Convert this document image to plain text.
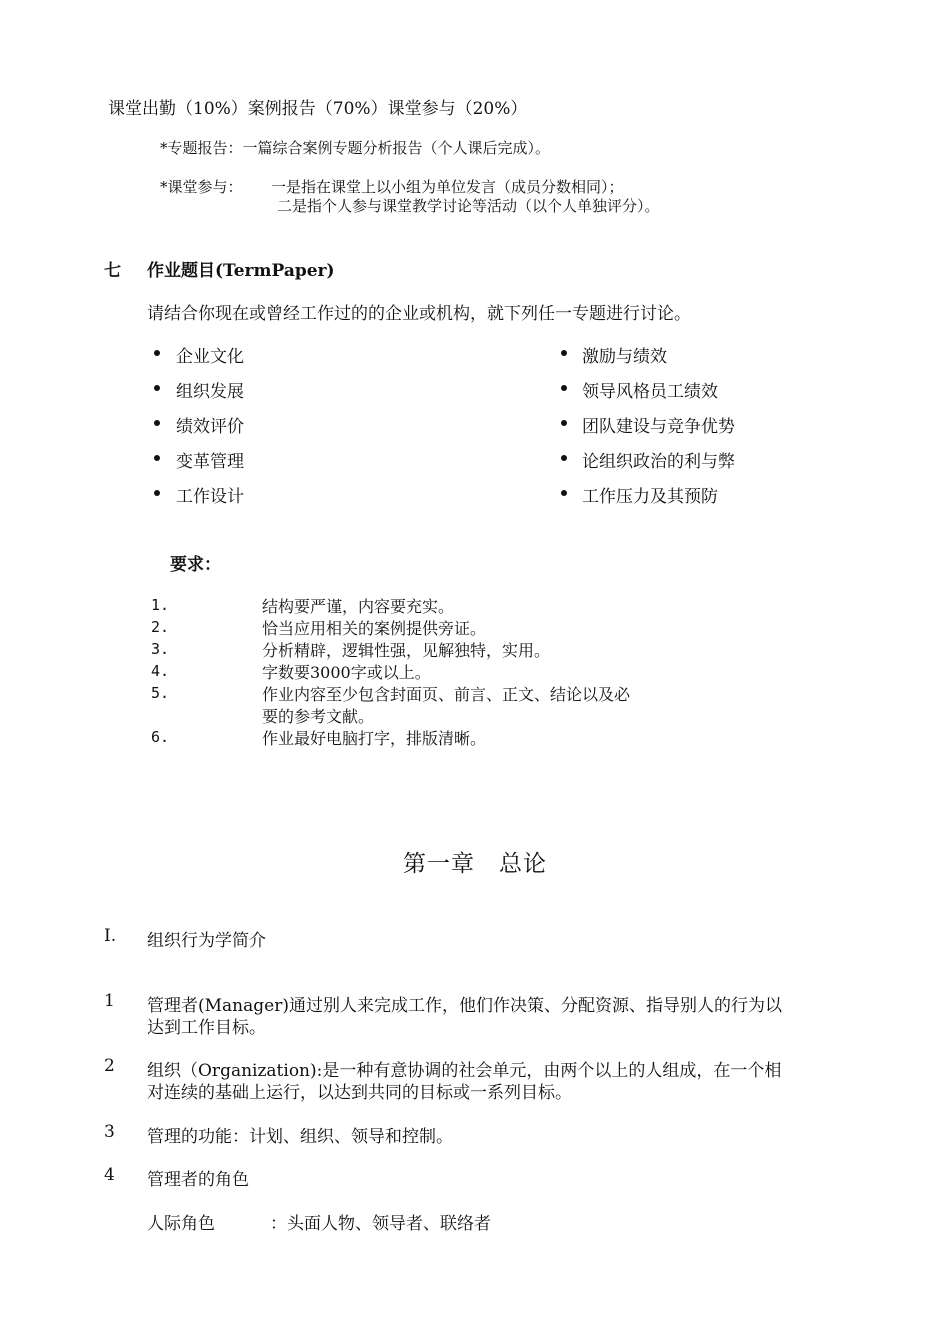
课堂出勤（10%）案例报告（70%）课堂参与（20%）
*专题报告：一篇综合案例专题分析报告（个人课后完成）。
*课堂参与： 一是指在课堂上以小组为单位发言（成员分数相同）；
二是指个人参与课堂教学讨论等活动（以个人单独评分）。
七 作业题目(TermPaper)
请结合你现在或曾经工作过的的企业或机构，就下列任一专题进行讨论。
企业文化
组织发展
绩效评价
变革管理
工作设计
激励与绩效
领导风格员工绩效
团队建设与竞争优势
论组织政治的利与弊
工作压力及其预防
要求：
1.	结构要严谨，内容要充实。
2.	恰当应用相关的案例提供旁证。
3.	分析精辟，逻辑性强，见解独特，实用。
4.	字数要3000字或以上。
5.	作业内容至少包含封面页、前言、正文、结论以及必
要的参考文献。
6.	作业最好电脑打字，排版清晰。
第一章　总论
I. 组织行为学简介
1 管理者(Manager)通过别人来完成工作，他们作决策、分配资源、指导别人的行为以
达到工作目标。
2 组织（Organization):是一种有意协调的社会单元，由两个以上的人组成，在一个相
对连续的基础上运行，以达到共同的目标或一系列目标。
3 管理的功能：计划、组织、领导和控制。
4 管理者的角色
人际角色	：头面人物、领导者、联络者
